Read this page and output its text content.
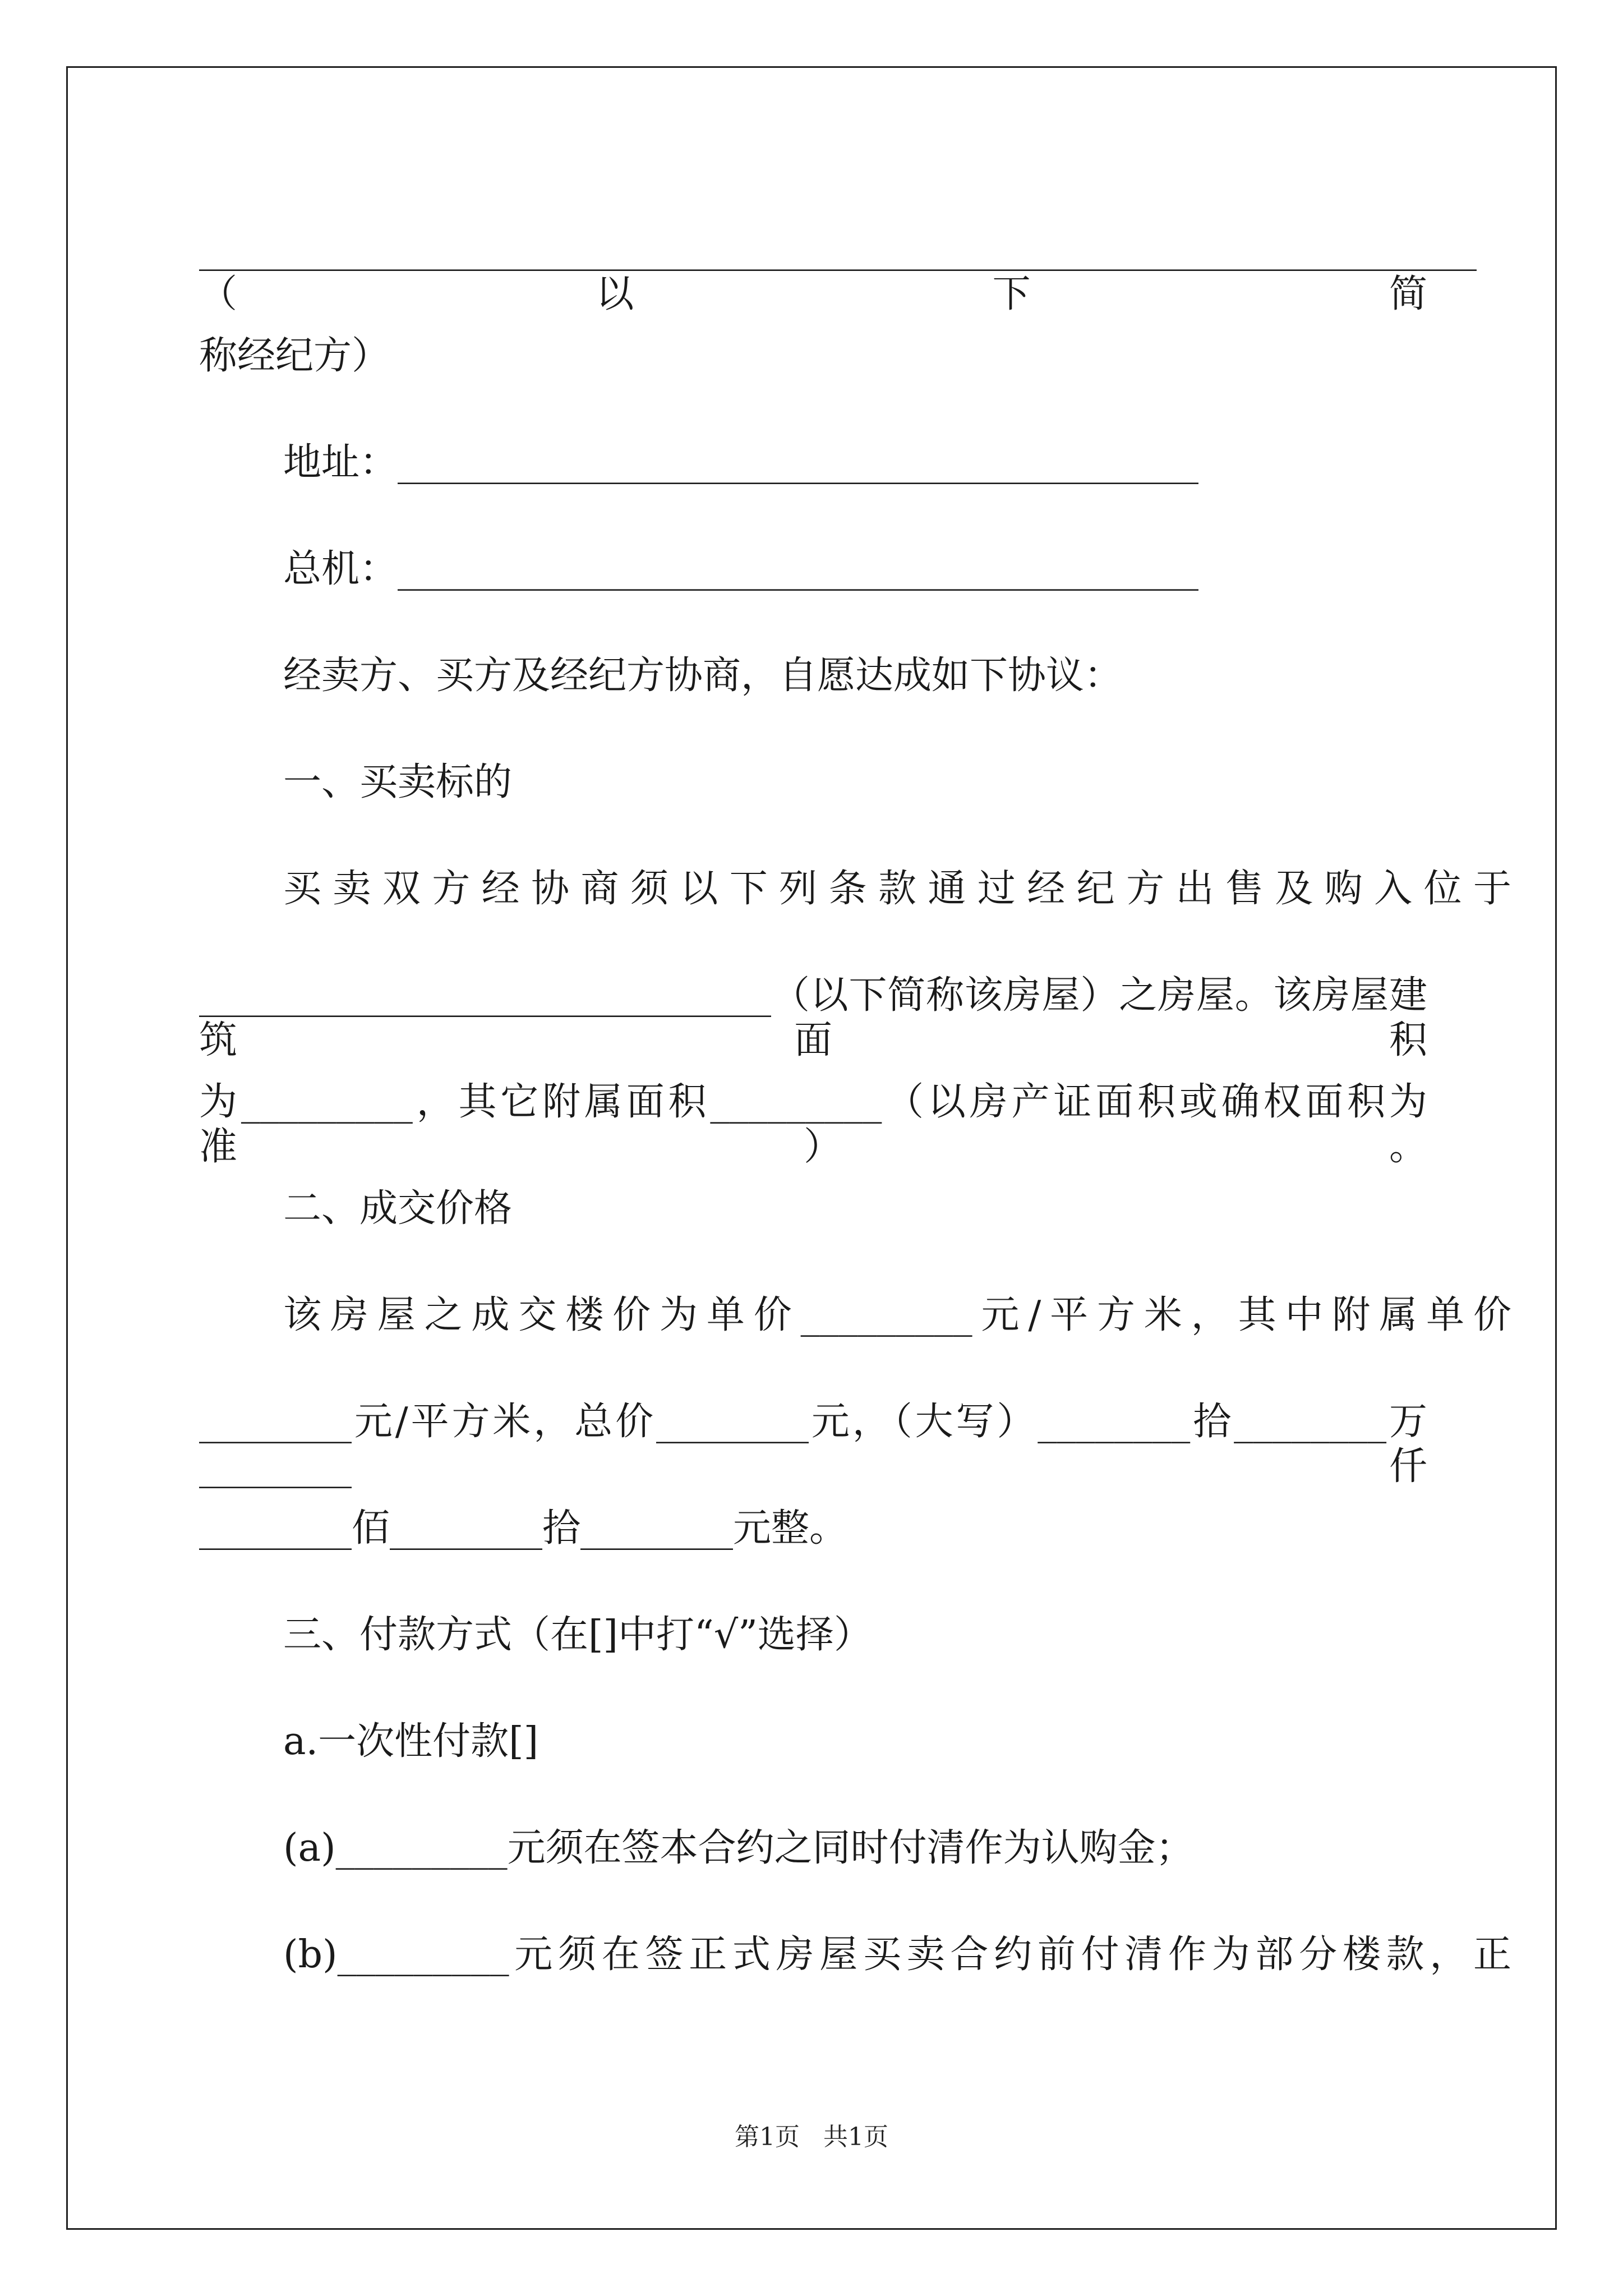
___________________________________________________________________（以下简
称经纪方）
地址：__________________________________________
总机：__________________________________________
经卖方、买方及经纪方协商，自愿达成如下协议：
一、买卖标的
买卖双方经协商须以下列条款通过经纪方出售及购入位于
______________________________（以下简称该房屋）之房屋。该房屋建筑面积
为_________，其它附属面积_________（以房产证面积或确权面积为准）。
二、成交价格
该房屋之成交楼价为单价_________元/平方米，其中附属单价
________元/平方米，总价________元，（大写）________拾________万________仟
________佰________拾________元整。
三、付款方式（在[]中打“√”选择）
a.一次性付款[]
(a)_________元须在签本合约之同时付清作为认购金；
(b)_________元须在签正式房屋买卖合约前付清作为部分楼款，正
第1页   共1页
